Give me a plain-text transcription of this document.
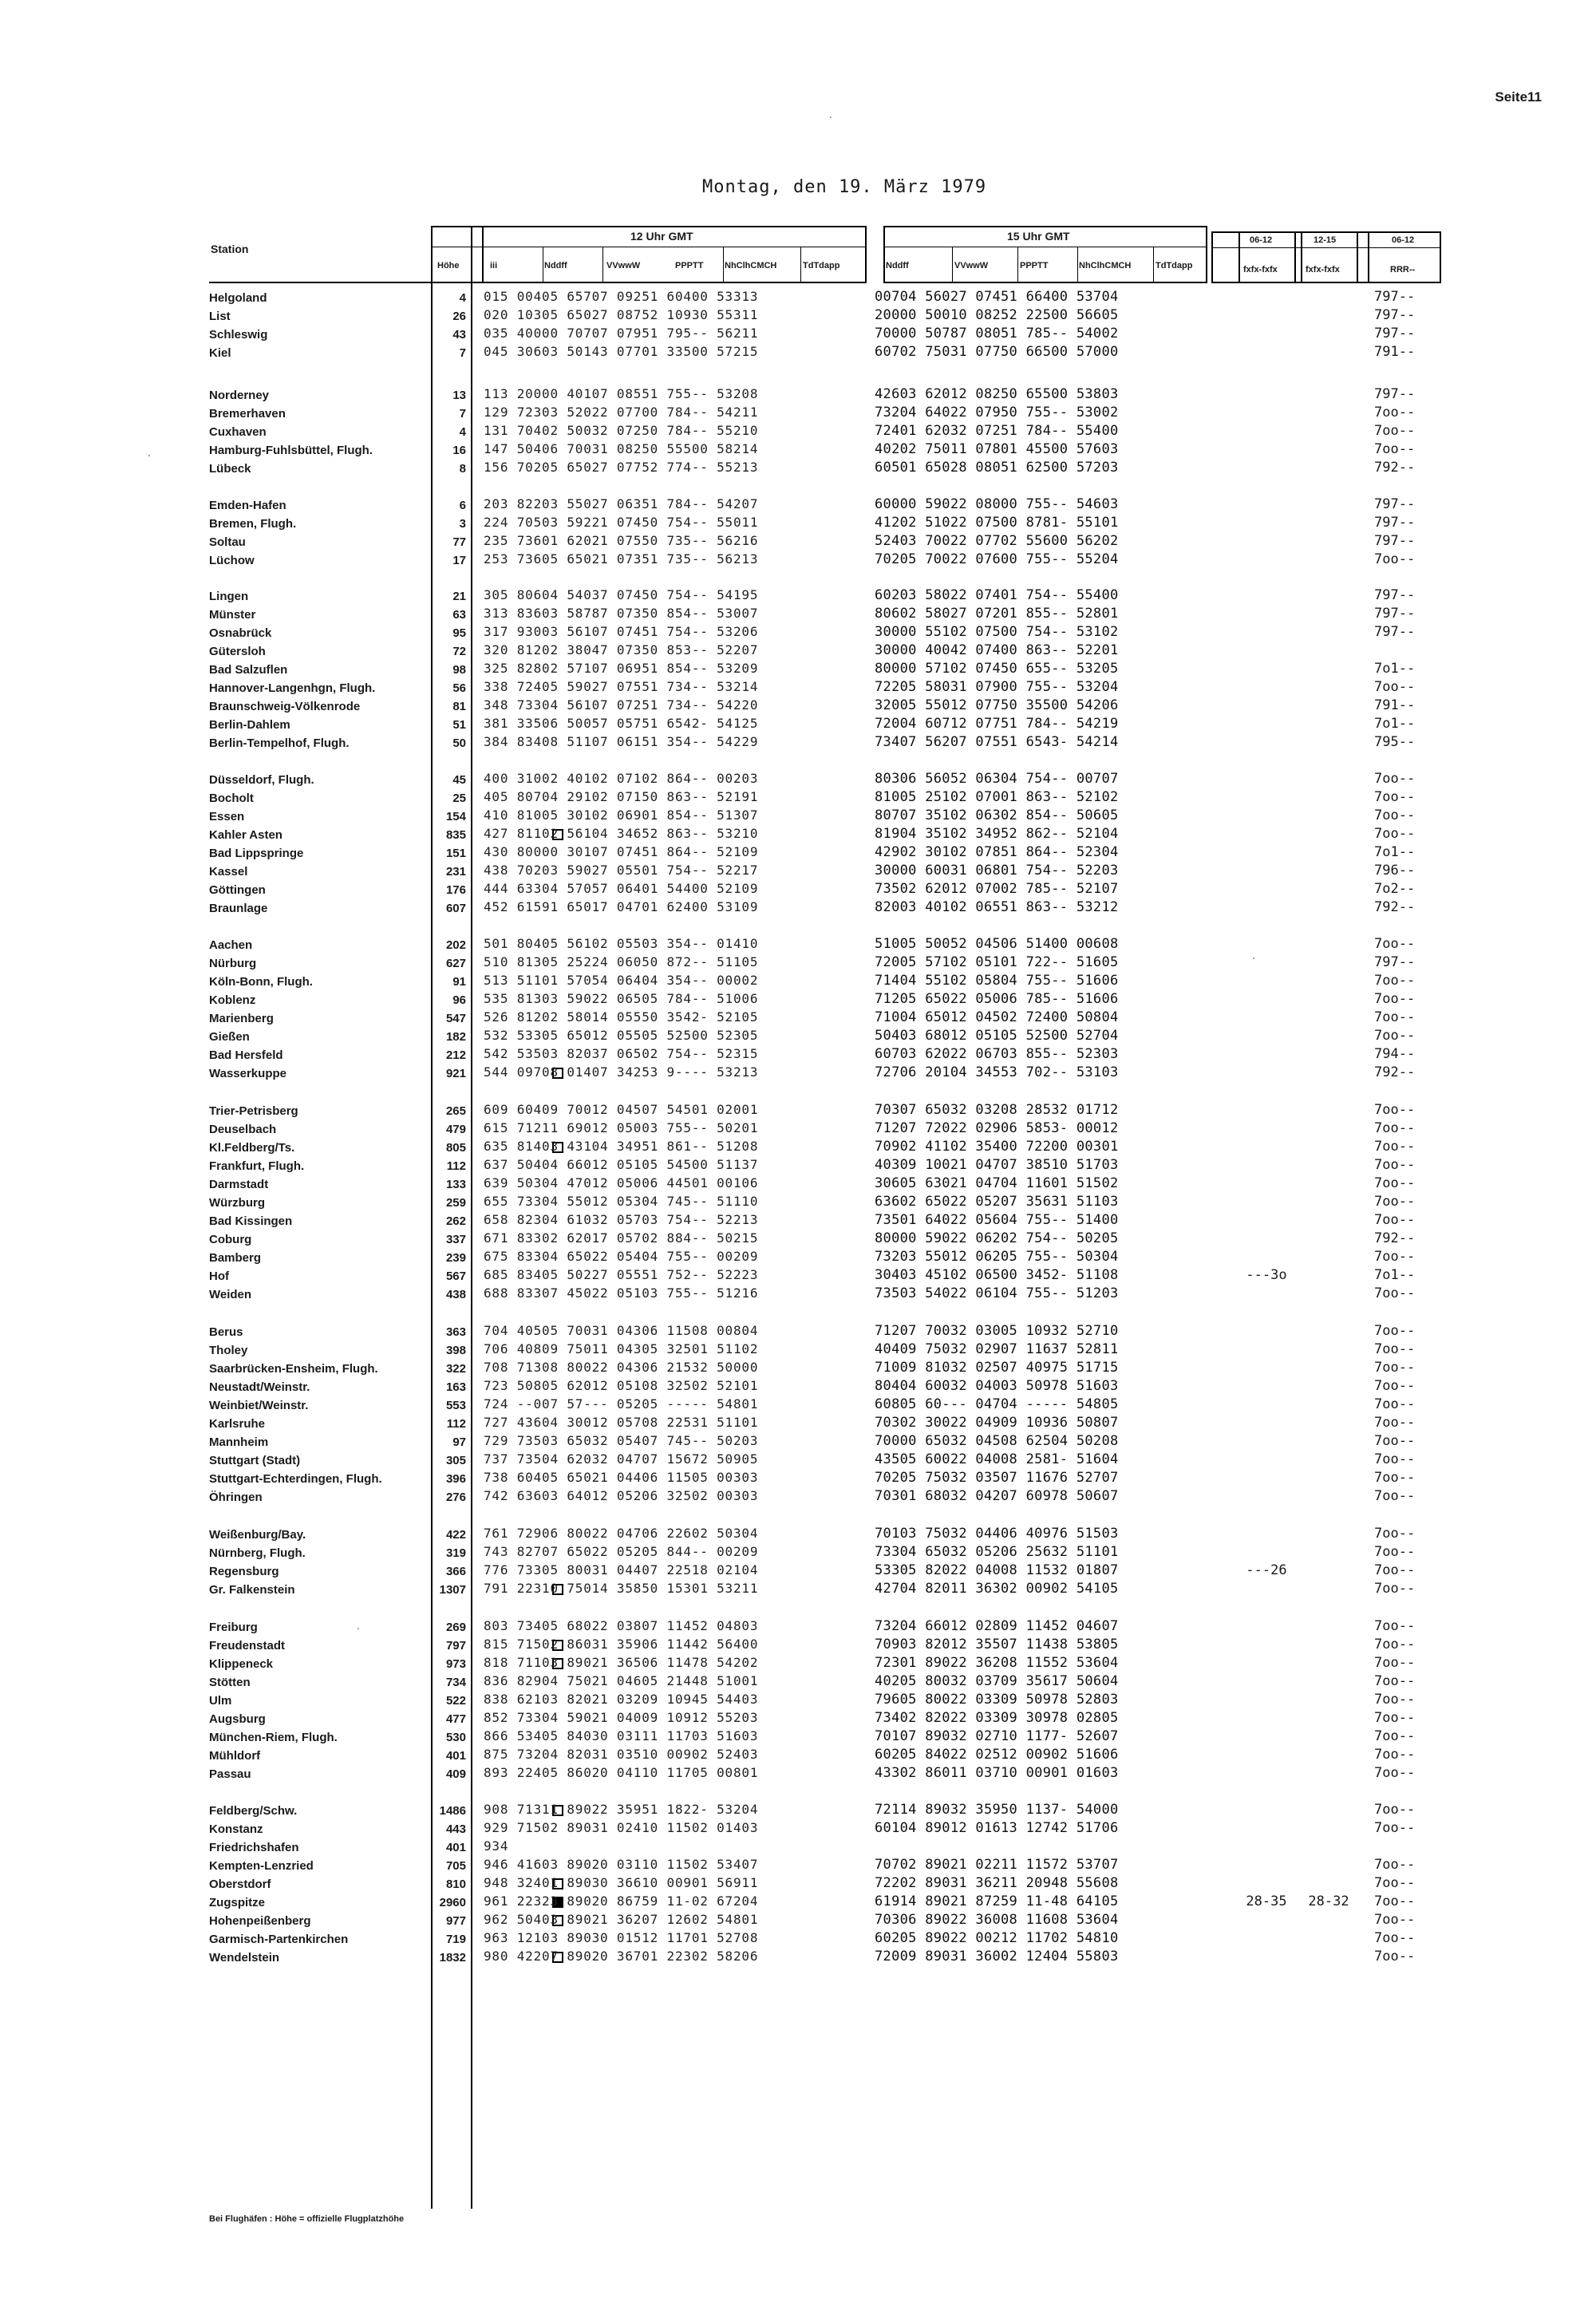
Seite11
Montag, den 19. März 1979
Station
Höhe	iii
12 Uhr GMT	15 Uhr GMT
Nddff	VVwwW	PPPTT NhClhCMCH	TdTdapp	Nddff	VVwwW	PPPTT	NhClhCMCH	TdTdapp
06-12	12-15	06-12
fxfx-fxfx	fxfx-fxfx	RRR--
Helgoland	4 015 00405 65707 09251 60400 53313	00704 56027 07451 66400 53704	797--
List	26 020 10305 65027 08752 10930 55311	20000 50010 08252 22500 56605	797--
Schleswig	43 035 40000 70707 07951 795-- 56211	70000 50787 08051 785-- 54002	797--
Kiel	7 045 30603 50143 07701 33500 57215	60702 75031 07750 66500 57000	791--
Norderney	13 113 20000 40107 08551 755-- 53208	42603 62012 08250 65500 53803	797--
Bremerhaven	7 129 72303 52022 07700 784-- 54211	73204 64022 07950 755-- 53002	7oo--
Cuxhaven	4 131 70402 50032 07250 784-- 55210	72401 62032 07251 784-- 55400	7oo--
Hamburg-Fuhlsbüttel, Flugh.	16 147 50406 70031 08250 55500 58214	40202 75011 07801 45500 57603	7oo--
Lübeck	8 156 70205 65027 07752 774-- 55213	60501 65028 08051 62500 57203	792--
Emden-Hafen	6 203 82203 55027 06351 784-- 54207	60000 59022 08000 755-- 54603	797--
Bremen, Flugh.	3 224 70503 59221 07450 754-- 55011	41202 51022 07500 8781- 55101	797--
Soltau	77 235 73601 62021 07550 735-- 56216	52403 70022 07702 55600 56202	797--
Lüchow	17 253 73605 65021 07351 735-- 56213	70205 70022 07600 755-- 55204	7oo--
Lingen	21 305 80604 54037 07450 754-- 54195	60203 58022 07401 754-- 55400	797--
Münster	63 313 83603 58787 07350 854-- 53007	80602 58027 07201 855-- 52801	797--
Osnabrück	95 317 93003 56107 07451 754-- 53206	30000 55102 07500 754-- 53102	797--
Gütersloh	72 320 81202 38047 07350 853-- 52207	30000 40042 07400 863-- 52201
Bad Salzuflen	98 325 82802 57107 06951 854-- 53209	80000 57102 07450 655-- 53205	7o1--
Hannover-Langenhgn, Flugh.	56 338 72405 59027 07551 734-- 53214	72205 58031 07900 755-- 53204	7oo--
Braunschweig-Völkenrode	81 348 73304 56107 07251 734-- 54220	32005 55012 07750 35500 54206	791--
Berlin-Dahlem	51 381 33506 50057 05751 6542- 54125	72004 60712 07751 784-- 54219	7o1--
Berlin-Tempelhof, Flugh.	50 384 83408 51107 06151 354-- 54229	73407 56207 07551 6543- 54214	795--
Düsseldorf, Flugh.	45 400 31002 40102 07102 864-- 00203	80306 56052 06304 754-- 00707	7oo--
Bocholt	25 405 80704 29102 07150 863-- 52191	81005 25102 07001 863-- 52102	7oo--
Essen	154 410 81005 30102 06901 854-- 51307	80707 35102 06302 854-- 50605	7oo--
Kahler Asten	835 427 81102 56104 34652 863-- 53210	81904 35102 34952 862-- 52104	7oo--
Bad Lippspringe	151 430 80000 30107 07451 864-- 52109	42902 30102 07851 864-- 52304	7o1--
Kassel	231 438 70203 59027 05501 754-- 52217	30000 60031 06801 754-- 52203	796--
Göttingen	176 444 63304 57057 06401 54400 52109	73502 62012 07002 785-- 52107	7o2--
Braunlage	607 452 61591 65017 04701 62400 53109	82003 40102 06551 863-- 53212	792--
Aachen	202 501 80405 56102 05503 354-- 01410	51005 50052 04506 51400 00608	7oo--
Nürburg	627 510 81305 25224 06050 872-- 51105	72005 57102 05101 722-- 51605	797--
Köln-Bonn, Flugh.	91 513 51101 57054 06404 354-- 00002	71404 55102 05804 755-- 51606	7oo--
Koblenz	96 535 81303 59022 06505 784-- 51006	71205 65022 05006 785-- 51606	7oo--
Marienberg	547 526 81202 58014 05550 3542- 52105	71004 65012 04502 72400 50804	7oo--
Gießen	182 532 53305 65012 05505 52500 52305	50403 68012 05105 52500 52704	7oo--
Bad Hersfeld	212 542 53503 82037 06502 754-- 52315	60703 62022 06703 855-- 52303	794--
Wasserkuppe	921 544 09708 01407 34253 9---- 53213	72706 20104 34553 702-- 53103	792--
Trier-Petrisberg	265 609 60409 70012 04507 54501 02001	70307 65032 03208 28532 01712	7oo--
Deuselbach	479 615 71211 69012 05003 755-- 50201	71207 72022 02906 5853- 00012	7oo--
Kl.Feldberg/Ts.	805 635 81403 43104 34951 861-- 51208	70902 41102 35400 72200 00301	7oo--
Frankfurt, Flugh.	112 637 50404 66012 05105 54500 51137	40309 10021 04707 38510 51703	7oo--
Darmstadt	133 639 50304 47012 05006 44501 00106	30605 63021 04704 11601 51502	7oo--
Würzburg	259 655 73304 55012 05304 745-- 51110	63602 65022 05207 35631 51103	7oo--
Bad Kissingen	262 658 82304 61032 05703 754-- 52213	73501 64022 05604 755-- 51400	7oo--
Coburg	337 671 83302 62017 05702 884-- 50215	80000 59022 06202 754-- 50205	792--
Bamberg	239 675 83304 65022 05404 755-- 00209	73203 55012 06205 755-- 50304	7oo--
Hof	567 685 83405 50227 05551 752-- 52223	30403 45102 06500 3452- 51108	---3o	7o1--
Weiden	438 688 83307 45022 05103 755-- 51216	73503 54022 06104 755-- 51203	7oo--
Berus	363 704 40505 70031 04306 11508 00804	71207 70032 03005 10932 52710	7oo--
Tholey	398 706 40809 75011 04305 32501 51102	40409 75032 02907 11637 52811	7oo--
Saarbrücken-Ensheim, Flugh.	322 708 71308 80022 04306 21532 50000	71009 81032 02507 40975 51715	7oo--
Neustadt/Weinstr.	163 723 50805 62012 05108 32502 52101	80404 60032 04003 50978 51603	7oo--
Weinbiet/Weinstr.	553 724 --007 57--- 05205 ----- 54801	60805 60--- 04704 ----- 54805	7oo--
Karlsruhe	112 727 43604 30012 05708 22531 51101	70302 30022 04909 10936 50807	7oo--
Mannheim	97 729 73503 65032 05407 745-- 50203	70000 65032 04508 62504 50208	7oo--
Stuttgart (Stadt)	305 737 73504 62032 04707 15672 50905	43505 60022 04008 2581- 51604	7oo--
Stuttgart-Echterdingen, Flugh.	396 738 60405 65021 04406 11505 00303	70205 75032 03507 11676 52707	7oo--
Öhringen	276 742 63603 64012 05206 32502 00303	70301 68032 04207 60978 50607	7oo--
Weißenburg/Bay.	422 761 72906 80022 04706 22602 50304	70103 75032 04406 40976 51503	7oo--
Nürnberg, Flugh.	319 743 82707 65022 05205 844-- 00209	73304 65032 05206 25632 51101	7oo--
Regensburg	366 776 73305 80031 04407 22518 02104	53305 82022 04008 11532 01807	---26	7oo--
Gr. Falkenstein	1307 791 22310 75014 35850 15301 53211	42704 82011 36302 00902 54105	7oo--
Freiburg	269 803 73405 68022 03807 11452 04803	73204 66012 02809 11452 04607	7oo--
Freudenstadt	797 815 71502 86031 35906 11442 56400	70903 82012 35507 11438 53805	7oo--
Klippeneck	973 818 71103 89021 36506 11478 54202	72301 89022 36208 11552 53604	7oo--
Stötten	734 836 82904 75021 04605 21448 51001	40205 80032 03709 35617 50604	7oo--
Ulm	522 838 62103 82021 03209 10945 54403	79605 80022 03309 50978 52803	7oo--
Augsburg	477 852 73304 59021 04009 10912 55203	73402 82022 03309 30978 02805	7oo--
München-Riem, Flugh.	530 866 53405 84030 03111 11703 51603	70107 89032 02710 1177- 52607	7oo--
Mühldorf	401 875 73204 82031 03510 00902 52403	60205 84022 02512 00902 51606	7oo--
Passau	409 893 22405 86020 04110 11705 00801	43302 86011 03710 00901 01603	7oo--
Feldberg/Schw.	1486 908 71311 89022 35951 1822- 53204	72114 89032 35950 1137- 54000	7oo--
Konstanz	443 929 71502 89031 02410 11502 01403	60104 89012 01613 12742 51706	7oo--
Friedrichshafen	401 934
Kempten-Lenzried	705 946 41603 89020 03110 11502 53407	70702 89021 02211 11572 53707	7oo--
Oberstdorf	810 948 32401 89030 36610 00901 56911	72202 89031 36211 20948 55608	7oo--
Zugspitze	2960 961 22323 89020 86759 11-02 67204	61914 89021 87259 11-48 64105	28-35	28-32	7oo--
Hohenpeißenberg	977 962 50403 89021 36207 12602 54801	70306 89022 36008 11608 53604	7oo--
Garmisch-Partenkirchen	719 963 12103 89030 01512 11701 52708	60205 89022 00212 11702 54810	7oo--
Wendelstein	1832 980 42207 89020 36701 22302 58206	72009 89031 36002 12404 55803	7oo--
Bei Flughäfen : Höhe = offizielle Flugplatzhöhe
